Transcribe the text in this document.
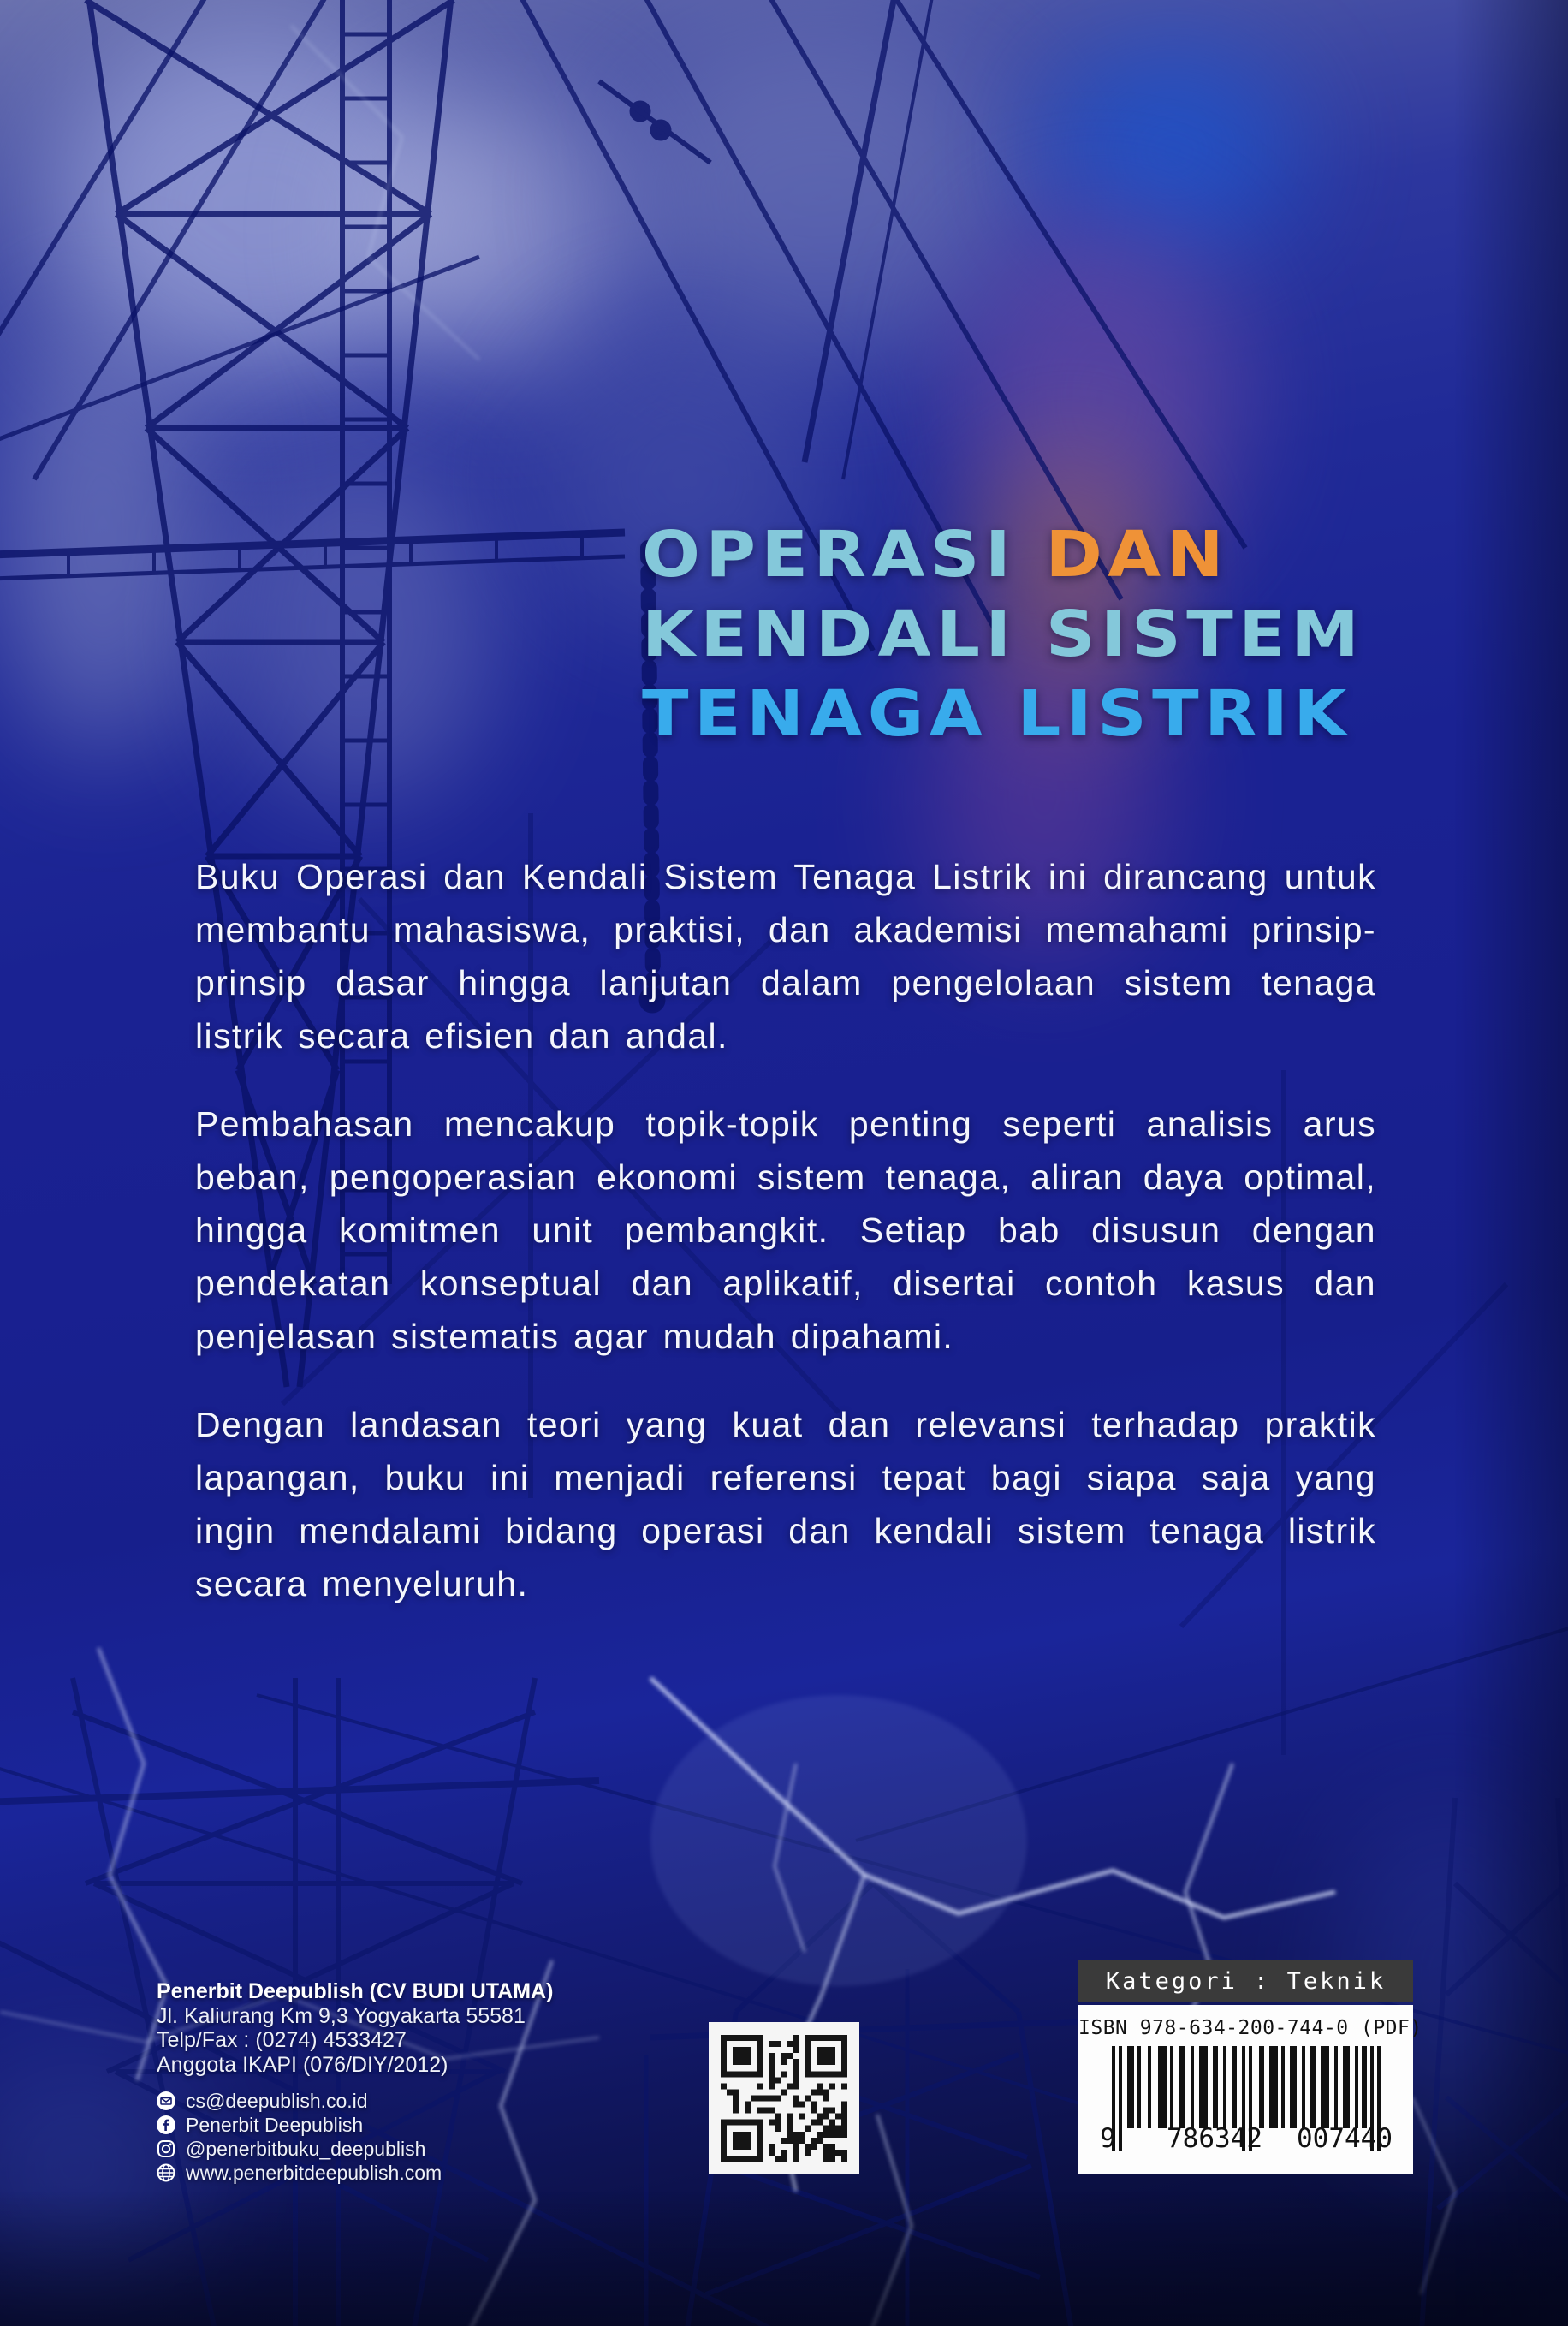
OPERASI DAN
KENDALI SISTEM
TENAGA LISTRIK

Buku Operasi dan Kendali Sistem Tenaga Listrik ini dirancang untuk membantu mahasiswa, praktisi, dan akademisi memahami prinsip-prinsip dasar hingga lanjutan dalam pengelolaan sistem tenaga listrik secara efisien dan andal.

Pembahasan mencakup topik-topik penting seperti analisis arus beban, pengoperasian ekonomi sistem tenaga, aliran daya optimal, hingga komitmen unit pembangkit. Setiap bab disusun dengan pendekatan konseptual dan aplikatif, disertai contoh kasus dan penjelasan sistematis agar mudah dipahami.

Dengan landasan teori yang kuat dan relevansi terhadap praktik lapangan, buku ini menjadi referensi tepat bagi siapa saja yang ingin mendalami bidang operasi dan kendali sistem tenaga listrik secara menyeluruh.

Penerbit Deepublish (CV BUDI UTAMA)
Jl. Kaliurang Km 9,3 Yogyakarta 55581
Telp/Fax : (0274) 4533427
Anggota IKAPI (076/DIY/2012)
cs@deepublish.co.id
Penerbit Deepublish
@penerbitbuku_deepublish
www.penerbitdeepublish.com
Kategori : Teknik
ISBN 978-634-200-744-0 (PDF)
9 786342 007440
